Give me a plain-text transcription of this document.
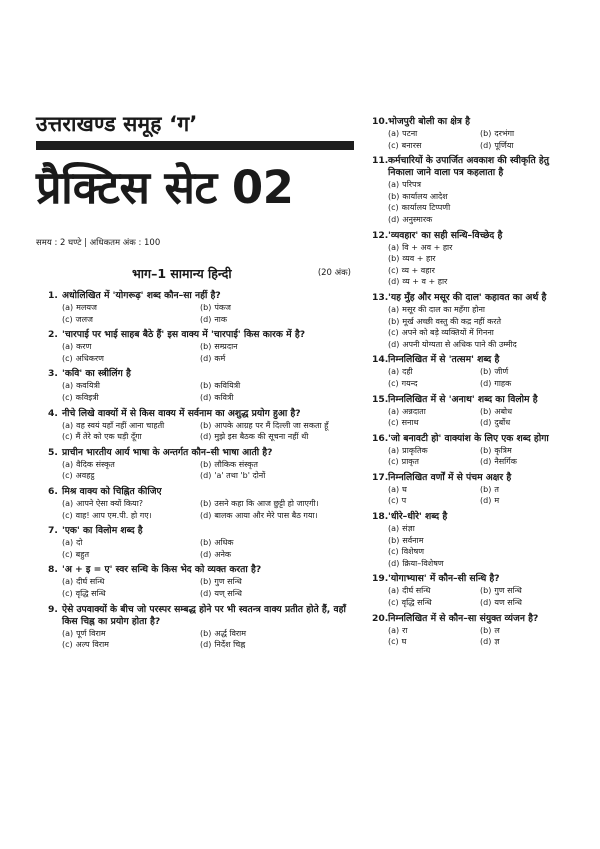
उत्तराखण्ड समूह ‘ग’
प्रैक्टिस सेट 02
समय : 2 घण्टे | अधिकतम अंक : 100
भाग–1 सामान्य हिन्दी	(20 अंक)
1. अधोलिखित में 'योगरूढ़' शब्द कौन–सा नहीं है?
(a) मलयज	(b) पंकज
(c) जलज	(d) नाक
2. 'चारपाई पर भाई साहब बैठे हैं' इस वाक्य में 'चारपाई' किस कारक में है?
(a) करण	(b) सम्प्रदान
(c) अधिकरण	(d) कर्म
3. 'कवि' का स्त्रीलिंग है
(a) कवयित्री	(b) कवियित्री
(c) कविइत्री	(d) कवित्री
4. नीचे लिखे वाक्यों में से किस वाक्य में सर्वनाम का अशुद्ध प्रयोग हुआ है?
(a) वह स्वयं यहाँ नहीं आना चाहती	(b) आपके आग्रह पर मैं दिल्ली जा सकता हूँ
(c) मैं तेरे को एक घड़ी दूँगा	(d) मुझे इस बैठक की सूचना नहीं थी
5. प्राचीन भारतीय आर्य भाषा के अन्तर्गत कौन–सी भाषा आती है?
(a) वैदिक संस्कृत	(b) लौकिक संस्कृत
(c) अवहट्ठ	(d) 'a' तथा 'b' दोनों
6. मिश्र वाक्य को चिह्नित कीजिए
(a) आपने ऐसा क्यों किया?	(b) उसने कहा कि आज छुट्टी हो जाएगी।
(c) वाह! आप एम.पी. हो गए।	(d) बालक आया और मेरे पास बैठ गया।
7. 'एक' का विलोम शब्द है
(a) दो	(b) अधिक
(c) बहुत	(d) अनेक
8. 'अ + इ = ए' स्वर सन्धि के किस भेद को व्यक्त करता है?
(a) दीर्घ सन्धि	(b) गुण सन्धि
(c) वृद्धि सन्धि	(d) यण् सन्धि
9. ऐसे उपवाक्यों के बीच जो परस्पर सम्बद्ध होने पर भी स्वतन्त्र वाक्य प्रतीत होते हैं, वहाँ किस चिह्न का प्रयोग होता है?
(a) पूर्ण विराम	(b) अर्द्ध विराम
(c) अल्प विराम	(d) निर्देश चिह्न
10. भोजपुरी बोली का क्षेत्र है
(a) पटना	(b) दरभंगा
(c) बनारस	(d) पूर्णिया
11. कर्मचारियों के उपार्जित अवकाश की स्वीकृति हेतु निकाला जाने वाला पत्र कहलाता है
(a) परिपत्र
(b) कार्यालय आदेश
(c) कार्यालय टिप्पणी
(d) अनुस्मारक
12. 'व्यवहार' का सही सन्धि–विच्छेद है
(a) वि + अव + हार
(b) व्यव + हार
(c) व्य + वहार
(d) व्य + व + हार
13. 'यह मुँह और मसूर की दाल' कहावत का अर्थ है
(a) मसूर की दाल का महँगा होना
(b) मूर्ख अच्छी वस्तु की कद्र नहीं करते
(c) अपने को बड़े व्यक्तियों में गिनना
(d) अपनी योग्यता से अधिक पाने की उम्मीद
14. निम्नलिखित में से 'तत्सम' शब्द है
(a) दही	(b) जीर्ण
(c) गयन्द	(d) गाहक
15. निम्नलिखित में से 'अनाथ' शब्द का विलोम है
(a) अन्नदाता	(b) अबोध
(c) सनाथ	(d) दुर्बोध
16. 'जो बनावटी हो' वाक्यांश के लिए एक शब्द होगा
(a) प्राकृतिक	(b) कृत्रिम
(c) प्राकृत	(d) नैसर्गिक
17. निम्नलिखित वर्णों में से पंचम अक्षर है
(a) घ	(b) त
(c) प	(d) म
18. 'धीरे–धीरे' शब्द है
(a) संज्ञा
(b) सर्वनाम
(c) विशेषण
(d) क्रिया–विशेषण
19. 'योगाभ्यास' में कौन–सी सन्धि है?
(a) दीर्घ सन्धि	(b) गुण सन्धि
(c) वृद्धि सन्धि	(d) यण सन्धि
20. निम्नलिखित में से कौन–सा संयुक्त व्यंजन है?
(a) रा	(b) ल
(c) घ	(d) ज्ञ
